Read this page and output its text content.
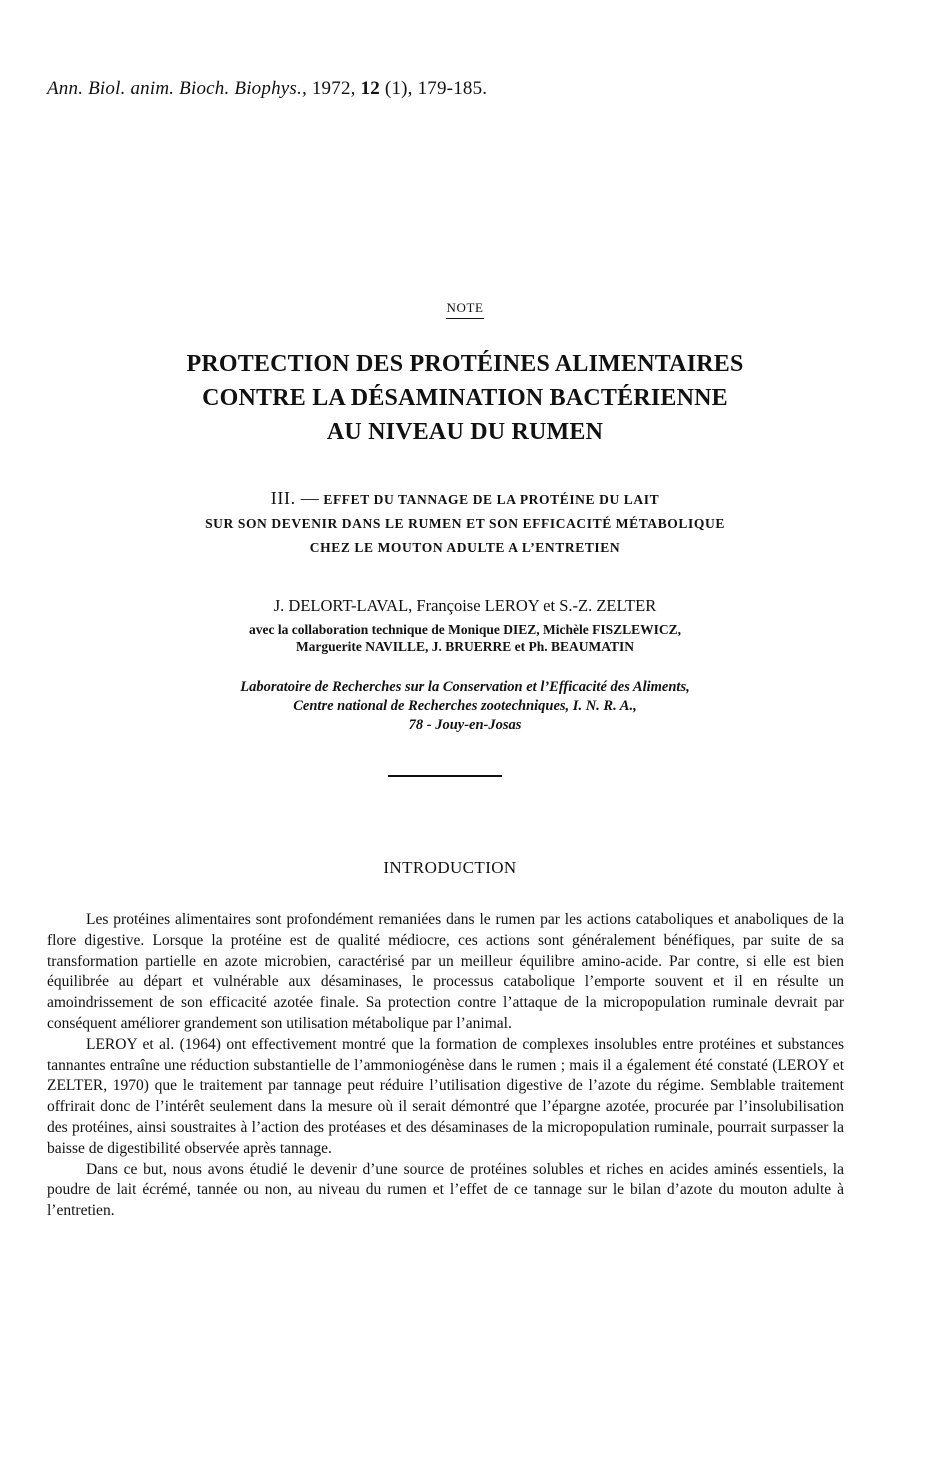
Ann. Biol. anim. Bioch. Biophys., 1972, 12 (1), 179-185.
NOTE
PROTECTION DES PROTÉINES ALIMENTAIRES
CONTRE LA DÉSAMINATION BACTÉRIENNE
AU NIVEAU DU RUMEN
III. — EFFET DU TANNAGE DE LA PROTÉINE DU LAIT
SUR SON DEVENIR DANS LE RUMEN ET SON EFFICACITÉ MÉTABOLIQUE
CHEZ LE MOUTON ADULTE A L’ENTRETIEN
J. DELORT-LAVAL, Françoise LEROY et S.-Z. ZELTER
avec la collaboration technique de Monique DIEZ, Michèle FISZLEWICZ,
Marguerite NAVILLE, J. BRUERRE et Ph. BEAUMATIN
Laboratoire de Recherches sur la Conservation et l’Efficacité des Aliments,
Centre national de Recherches zootechniques, I. N. R. A.,
78 - Jouy-en-Josas
INTRODUCTION

Les protéines alimentaires sont profondément remaniées dans le rumen par les actions cataboliques et anaboliques de la flore digestive. Lorsque la protéine est de qualité médiocre, ces actions sont généralement bénéfiques, par suite de sa transformation partielle en azote microbien, caractérisé par un meilleur équilibre amino-acide. Par contre, si elle est bien équilibrée au départ et vulnérable aux désaminases, le processus catabolique l’emporte souvent et il en résulte un amoindrissement de son efficacité azotée finale. Sa protection contre l’attaque de la micropopulation ruminale devrait par conséquent améliorer grandement son utilisation métabolique par l’animal.

LEROY et al. (1964) ont effectivement montré que la formation de complexes insolubles entre protéines et substances tannantes entraîne une réduction substantielle de l’ammoniogénèse dans le rumen ; mais il a également été constaté (LEROY et ZELTER, 1970) que le traitement par tannage peut réduire l’utilisation digestive de l’azote du régime. Semblable traitement offrirait donc de l’intérêt seulement dans la mesure où il serait démontré que l’épargne azotée, procurée par l’insolubilisation des protéines, ainsi soustraites à l’action des protéases et des désaminases de la micropopulation ruminale, pourrait surpasser la baisse de digestibilité observée après tannage.

Dans ce but, nous avons étudié le devenir d’une source de protéines solubles et riches en acides aminés essentiels, la poudre de lait écrémé, tannée ou non, au niveau du rumen et l’effet de ce tannage sur le bilan d’azote du mouton adulte à l’entretien.
